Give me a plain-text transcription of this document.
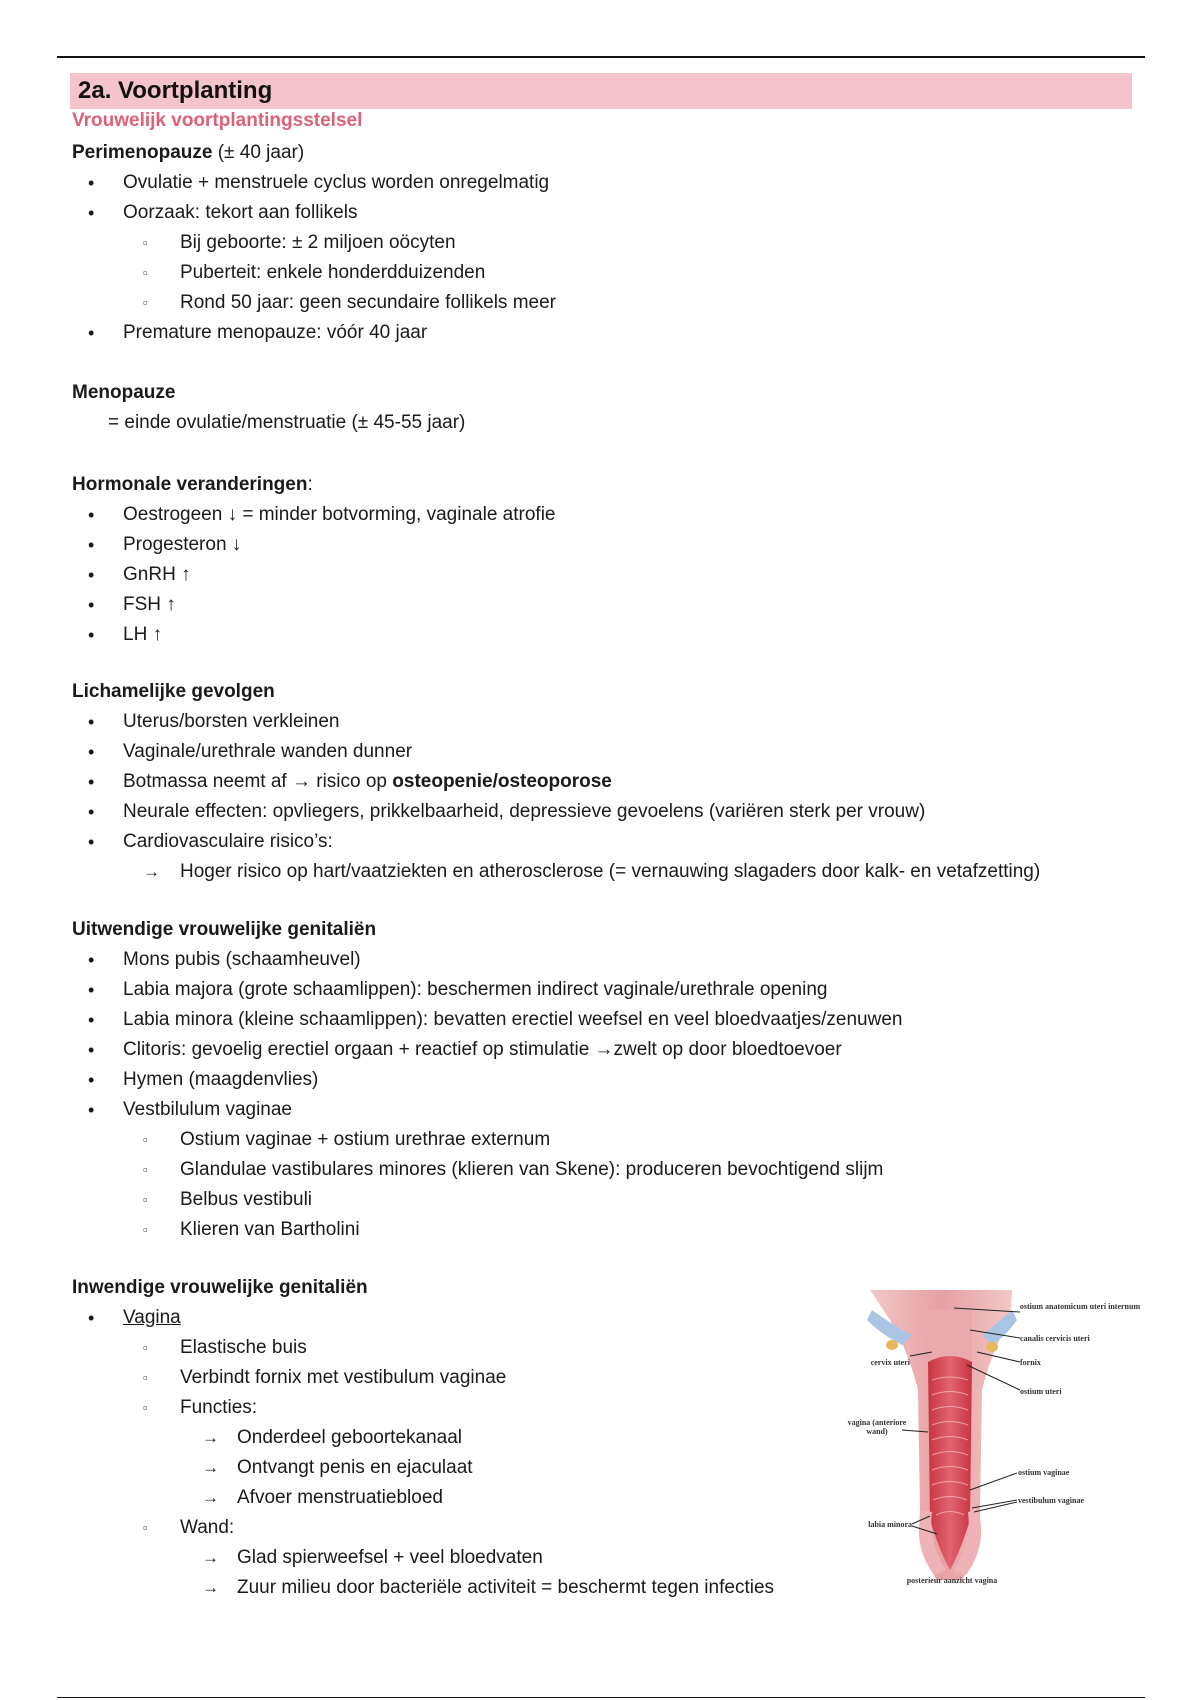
2a. Voortplanting
Vrouwelijk voortplantingsstelsel
Perimenopauze (± 40 jaar)
• Ovulatie + menstruele cyclus worden onregelmatig
• Oorzaak: tekort aan follikels
▫ Bij geboorte: ± 2 miljoen oöcyten
▫ Puberteit: enkele honderdduizenden
▫ Rond 50 jaar: geen secundaire follikels meer
• Premature menopauze: vóór 40 jaar
Menopauze
= einde ovulatie/menstruatie (± 45-55 jaar)
Hormonale veranderingen:
• Oestrogeen ↓ = minder botvorming, vaginale atrofie
• Progesteron ↓
• GnRH ↑
• FSH ↑
• LH ↑
Lichamelijke gevolgen
• Uterus/borsten verkleinen
• Vaginale/urethrale wanden dunner
• Botmassa neemt af → risico op osteopenie/osteoporose
• Neurale effecten: opvliegers, prikkelbaarheid, depressieve gevoelens (variëren sterk per vrouw)
• Cardiovasculaire risico’s:
→ Hoger risico op hart/vaatziekten en atherosclerose (= vernauwing slagaders door kalk- en vetafzetting)
Uitwendige vrouwelijke genitaliën
• Mons pubis (schaamheuvel)
• Labia majora (grote schaamlippen): beschermen indirect vaginale/urethrale opening
• Labia minora (kleine schaamlippen): bevatten erectiel weefsel en veel bloedvaatjes/zenuwen
• Clitoris: gevoelig erectiel orgaan + reactief op stimulatie →zwelt op door bloedtoevoer
• Hymen (maagdenvlies)
• Vestbilulum vaginae
▫ Ostium vaginae + ostium urethrae externum
▫ Glandulae vastibulares minores (klieren van Skene): produceren bevochtigend slijm
▫ Belbus vestibuli
▫ Klieren van Bartholini
Inwendige vrouwelijke genitaliën
• Vagina
▫ Elastische buis
▫ Verbindt fornix met vestibulum vaginae
▫ Functies:
→ Onderdeel geboortekanaal
→ Ontvangt penis en ejaculaat
→ Afvoer menstruatiebloed
▫ Wand:
→ Glad spierweefsel + veel bloedvaten
→ Zuur milieu door bacteriële activiteit = beschermt tegen infecties
ostium anatomicum uteri internum
canalis cervicis uteri
cervix uteri	fornix
ostium uteri
vagina (anteriore wand)
ostium vaginae
vestibulum vaginae
labia minora
posterieur aanzicht vagina
